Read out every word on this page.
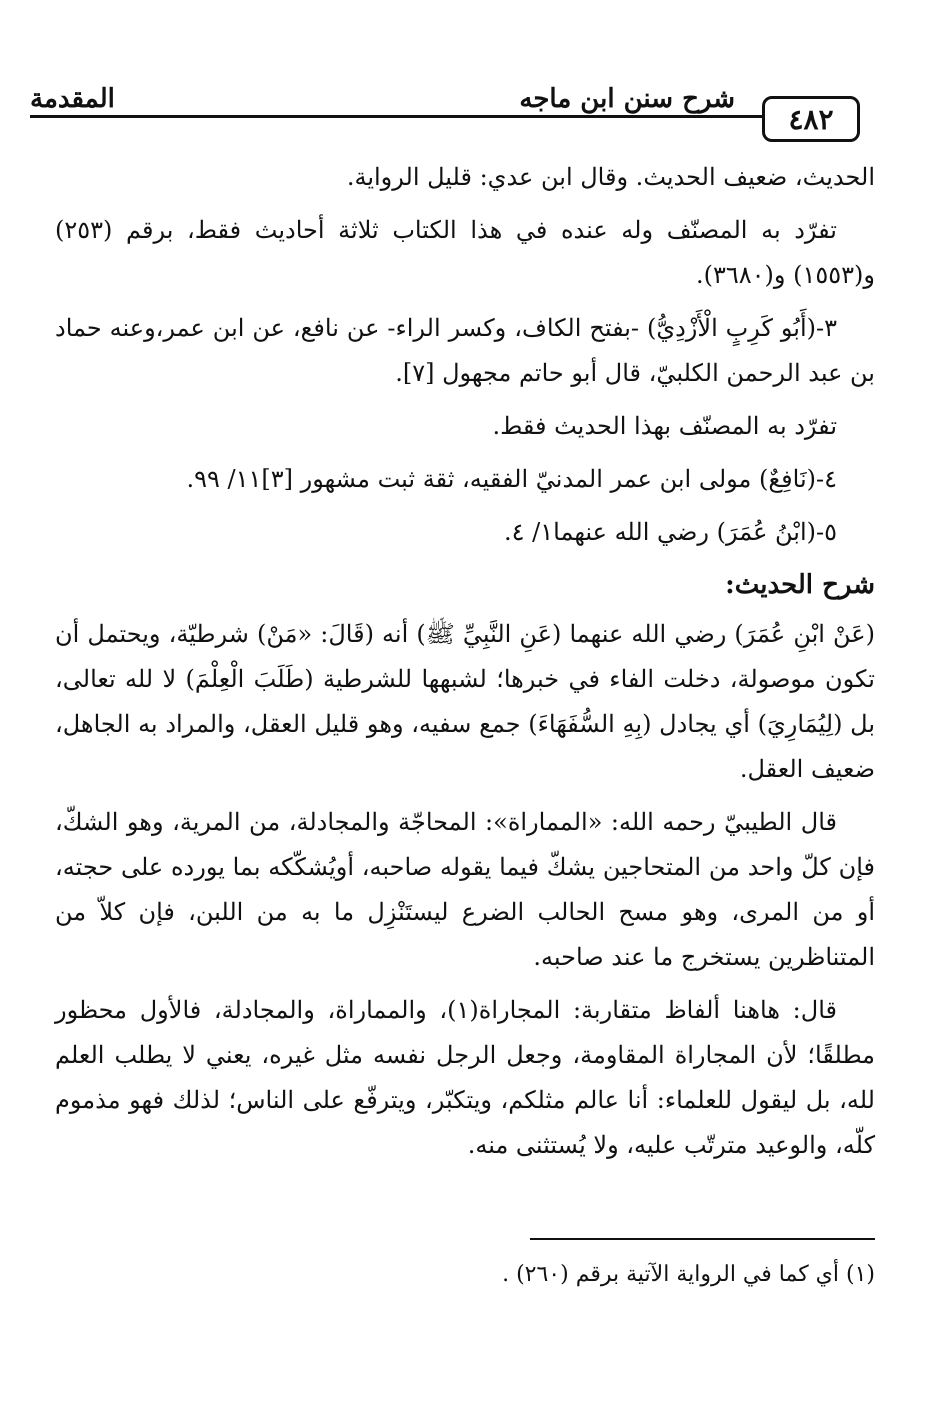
٤٨٢
شرح سنن ابن ماجه
المقدمة

الحديث، ضعيف الحديث. وقال ابن عدي: قليل الرواية.

تفرّد به المصنّف وله عنده في هذا الكتاب ثلاثة أحاديث فقط، برقم (٢٥٣) و(١٥٥٣) و(٣٦٨٠).

٣-(أَبُو كَرِبٍ الْأَزْدِيُّ) -بفتح الكاف، وكسر الراء- عن نافع، عن ابن عمر،وعنه حماد بن عبد الرحمن الكلبيّ، قال أبو حاتم مجهول [٧].

تفرّد به المصنّف بهذا الحديث فقط.

٤-(نَافِعٌ) مولى ابن عمر المدنيّ الفقيه، ثقة ثبت مشهور [٣]١١/ ٩٩.

٥-(ابْنُ عُمَرَ) رضي الله عنهما١/ ٤.

شرح الحديث:

(عَنْ ابْنِ عُمَرَ) رضي الله عنهما (عَنِ النَّبِيِّ ﷺ) أنه (قَالَ: «مَنْ) شرطيّة، ويحتمل أن تكون موصولة، دخلت الفاء في خبرها؛ لشبهها للشرطية (طَلَبَ الْعِلْمَ) لا لله تعالى، بل (لِيُمَارِيَ) أي يجادل (بِهِ السُّفَهَاءَ) جمع سفيه، وهو قليل العقل، والمراد به الجاهل، ضعيف العقل.

قال الطيبيّ رحمه الله: «المماراة»: المحاجّة والمجادلة، من المرية، وهو الشكّ، فإن كلّ واحد من المتحاجين يشكّ فيما يقوله صاحبه، أويُشكّكه بما يورده على حجته، أو من المرى، وهو مسح الحالب الضرع ليستَنْزِل ما به من اللبن، فإن كلاّ من المتناظرين يستخرج ما عند صاحبه.

قال: هاهنا ألفاظ متقاربة: المجاراة(١)، والمماراة، والمجادلة، فالأول محظور مطلقًا؛ لأن المجاراة المقاومة، وجعل الرجل نفسه مثل غيره، يعني لا يطلب العلم لله، بل ليقول للعلماء: أنا عالم مثلكم، ويتكبّر، ويترفّع على الناس؛ لذلك فهو مذموم كلّه، والوعيد مترتّب عليه، ولا يُستثنى منه.

(١) أي كما في الرواية الآتية برقم (٢٦٠) .
